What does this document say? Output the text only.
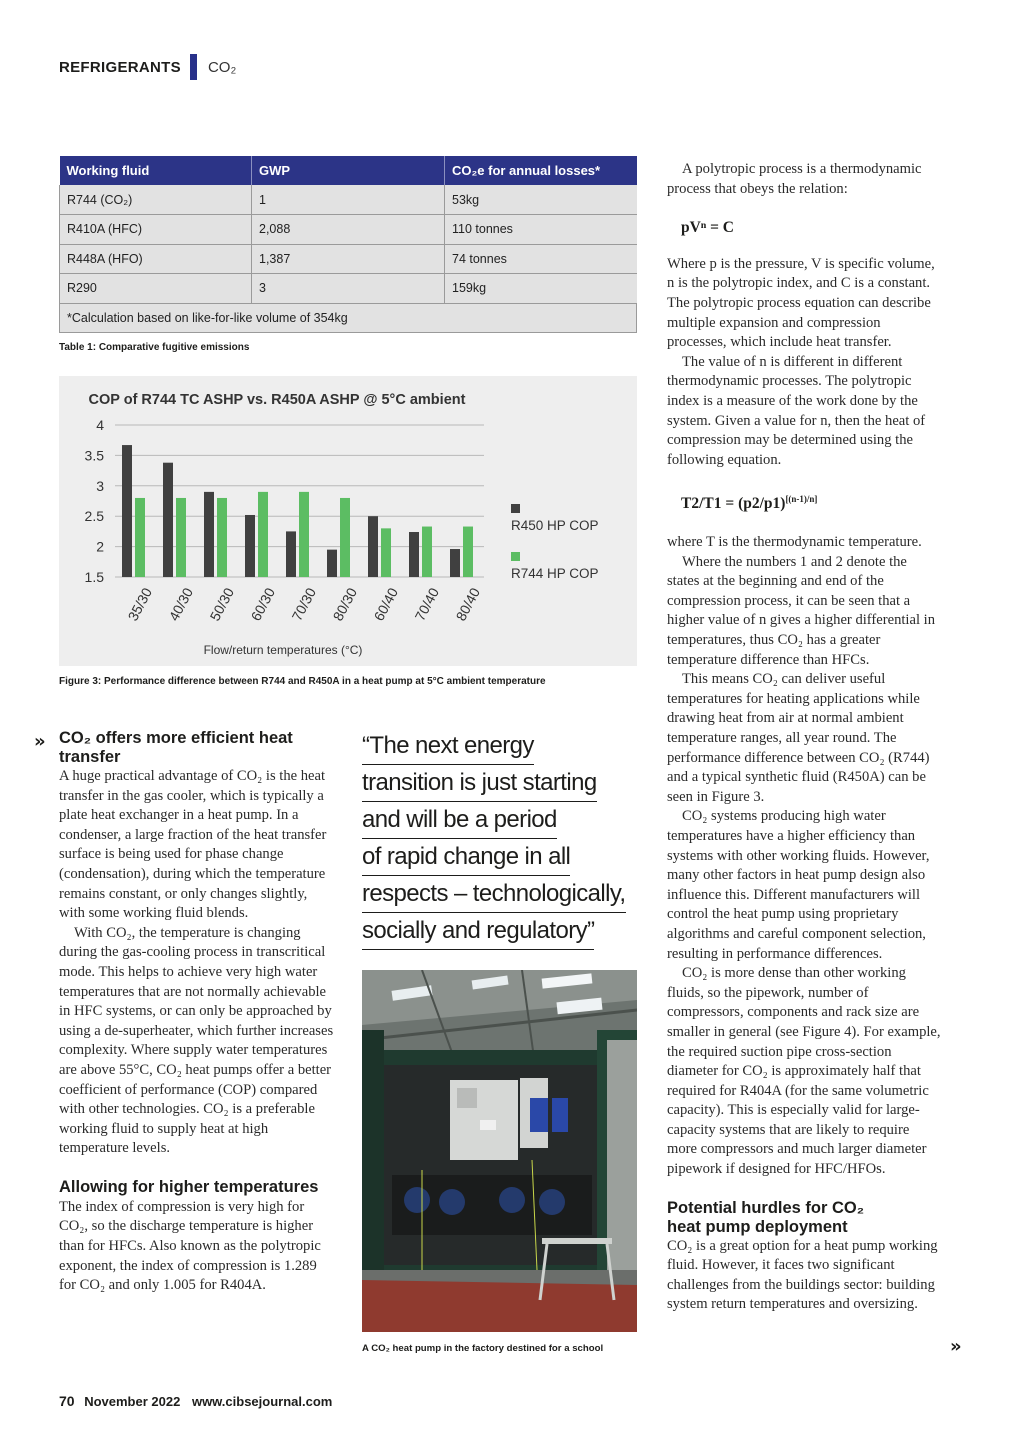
REFRIGERANTS CO₂
Working fluid	GWP	CO₂e for annual losses*
R744 (CO₂)	1	53kg
R410A (HFC)	2,088	110 tonnes
R448A (HFO)	1,387	74 tonnes
R290	3	159kg
*Calculation based on like-for-like volume of 354kg		
Table 1: Comparative fugitive emissions
COP of R744 TC ASHP vs. R450A ASHP @ 5°C ambient
4
3.5
3
2.5
2
1.5
35/30 40/30 50/30 60/30 70/30 80/30 60/40 70/40 80/40
Flow/return temperatures (°C)
R450 HP COP
R744 HP COP
Figure 3: Performance difference between R744 and R450A in a heat pump at 5°C ambient temperature
» CO₂ offers more efficient heat transfer

A huge practical advantage of CO₂ is the heat transfer in the gas cooler, which is typically a plate heat exchanger in a heat pump. In a condenser, a large fraction of the heat transfer surface is being used for phase change (condensation), during which the temperature remains constant, or only changes slightly, with some working fluid blends.

With CO₂, the temperature is changing during the gas-cooling process in transcritical mode. This helps to achieve very high water temperatures that are not normally achievable in HFC systems, or can only be approached by using a de-superheater, which further increases complexity. Where supply water temperatures are above 55°C, CO₂ heat pumps offer a better coefficient of performance (COP) compared with other technologies. CO₂ is a preferable working fluid to supply heat at high temperature levels.

Allowing for higher temperatures

The index of compression is very high for CO₂, so the discharge temperature is higher than for HFCs. Also known as the polytropic exponent, the index of compression is 1.289 for CO₂ and only 1.005 for R404A.

“The next energy
transition is just starting
and will be a period
of rapid change in all
respects – technologically,
socially and regulatory”
A CO₂ heat pump in the factory destined for a school

A polytropic process is a thermodynamic process that obeys the relation:

pVⁿ = C

Where p is the pressure, V is specific volume, n is the polytropic index, and C is a constant. The polytropic process equation can describe multiple expansion and compression processes, which include heat transfer.

The value of n is different in different thermodynamic processes. The polytropic index is a measure of the work done by the system. Given a value for n, then the heat of compression may be determined using the following equation.

T2/T1 = (p2/p1)[(n-1)/n]

where T is the thermodynamic temperature.

Where the numbers 1 and 2 denote the states at the beginning and end of the compression process, it can be seen that a higher value of n gives a higher differential in temperatures, thus CO₂ has a greater temperature difference than HFCs.

This means CO₂ can deliver useful temperatures for heating applications while drawing heat from air at normal ambient temperature ranges, all year round. The performance difference between CO₂ (R744) and a typical synthetic fluid (R450A) can be seen in Figure 3.

CO₂ systems producing high water temperatures have a higher efficiency than systems with other working fluids. However, many other factors in heat pump design also influence this. Different manufacturers will control the heat pump using proprietary algorithms and careful component selection, resulting in performance differences.

CO₂ is more dense than other working fluids, so the pipework, number of compressors, components and rack size are smaller in general (see Figure 4). For example, the required suction pipe cross-section diameter for CO₂ is approximately half that required for R404A (for the same volumetric capacity). This is especially valid for large-capacity systems that are likely to require more compressors and much larger diameter pipework if designed for HFC/HFOs.

Potential hurdles for CO₂ heat pump deployment

CO₂ is a great option for a heat pump working fluid. However, it faces two significant challenges from the buildings sector: building system return temperatures and oversizing.

»
70 November 2022 www.cibsejournal.com
